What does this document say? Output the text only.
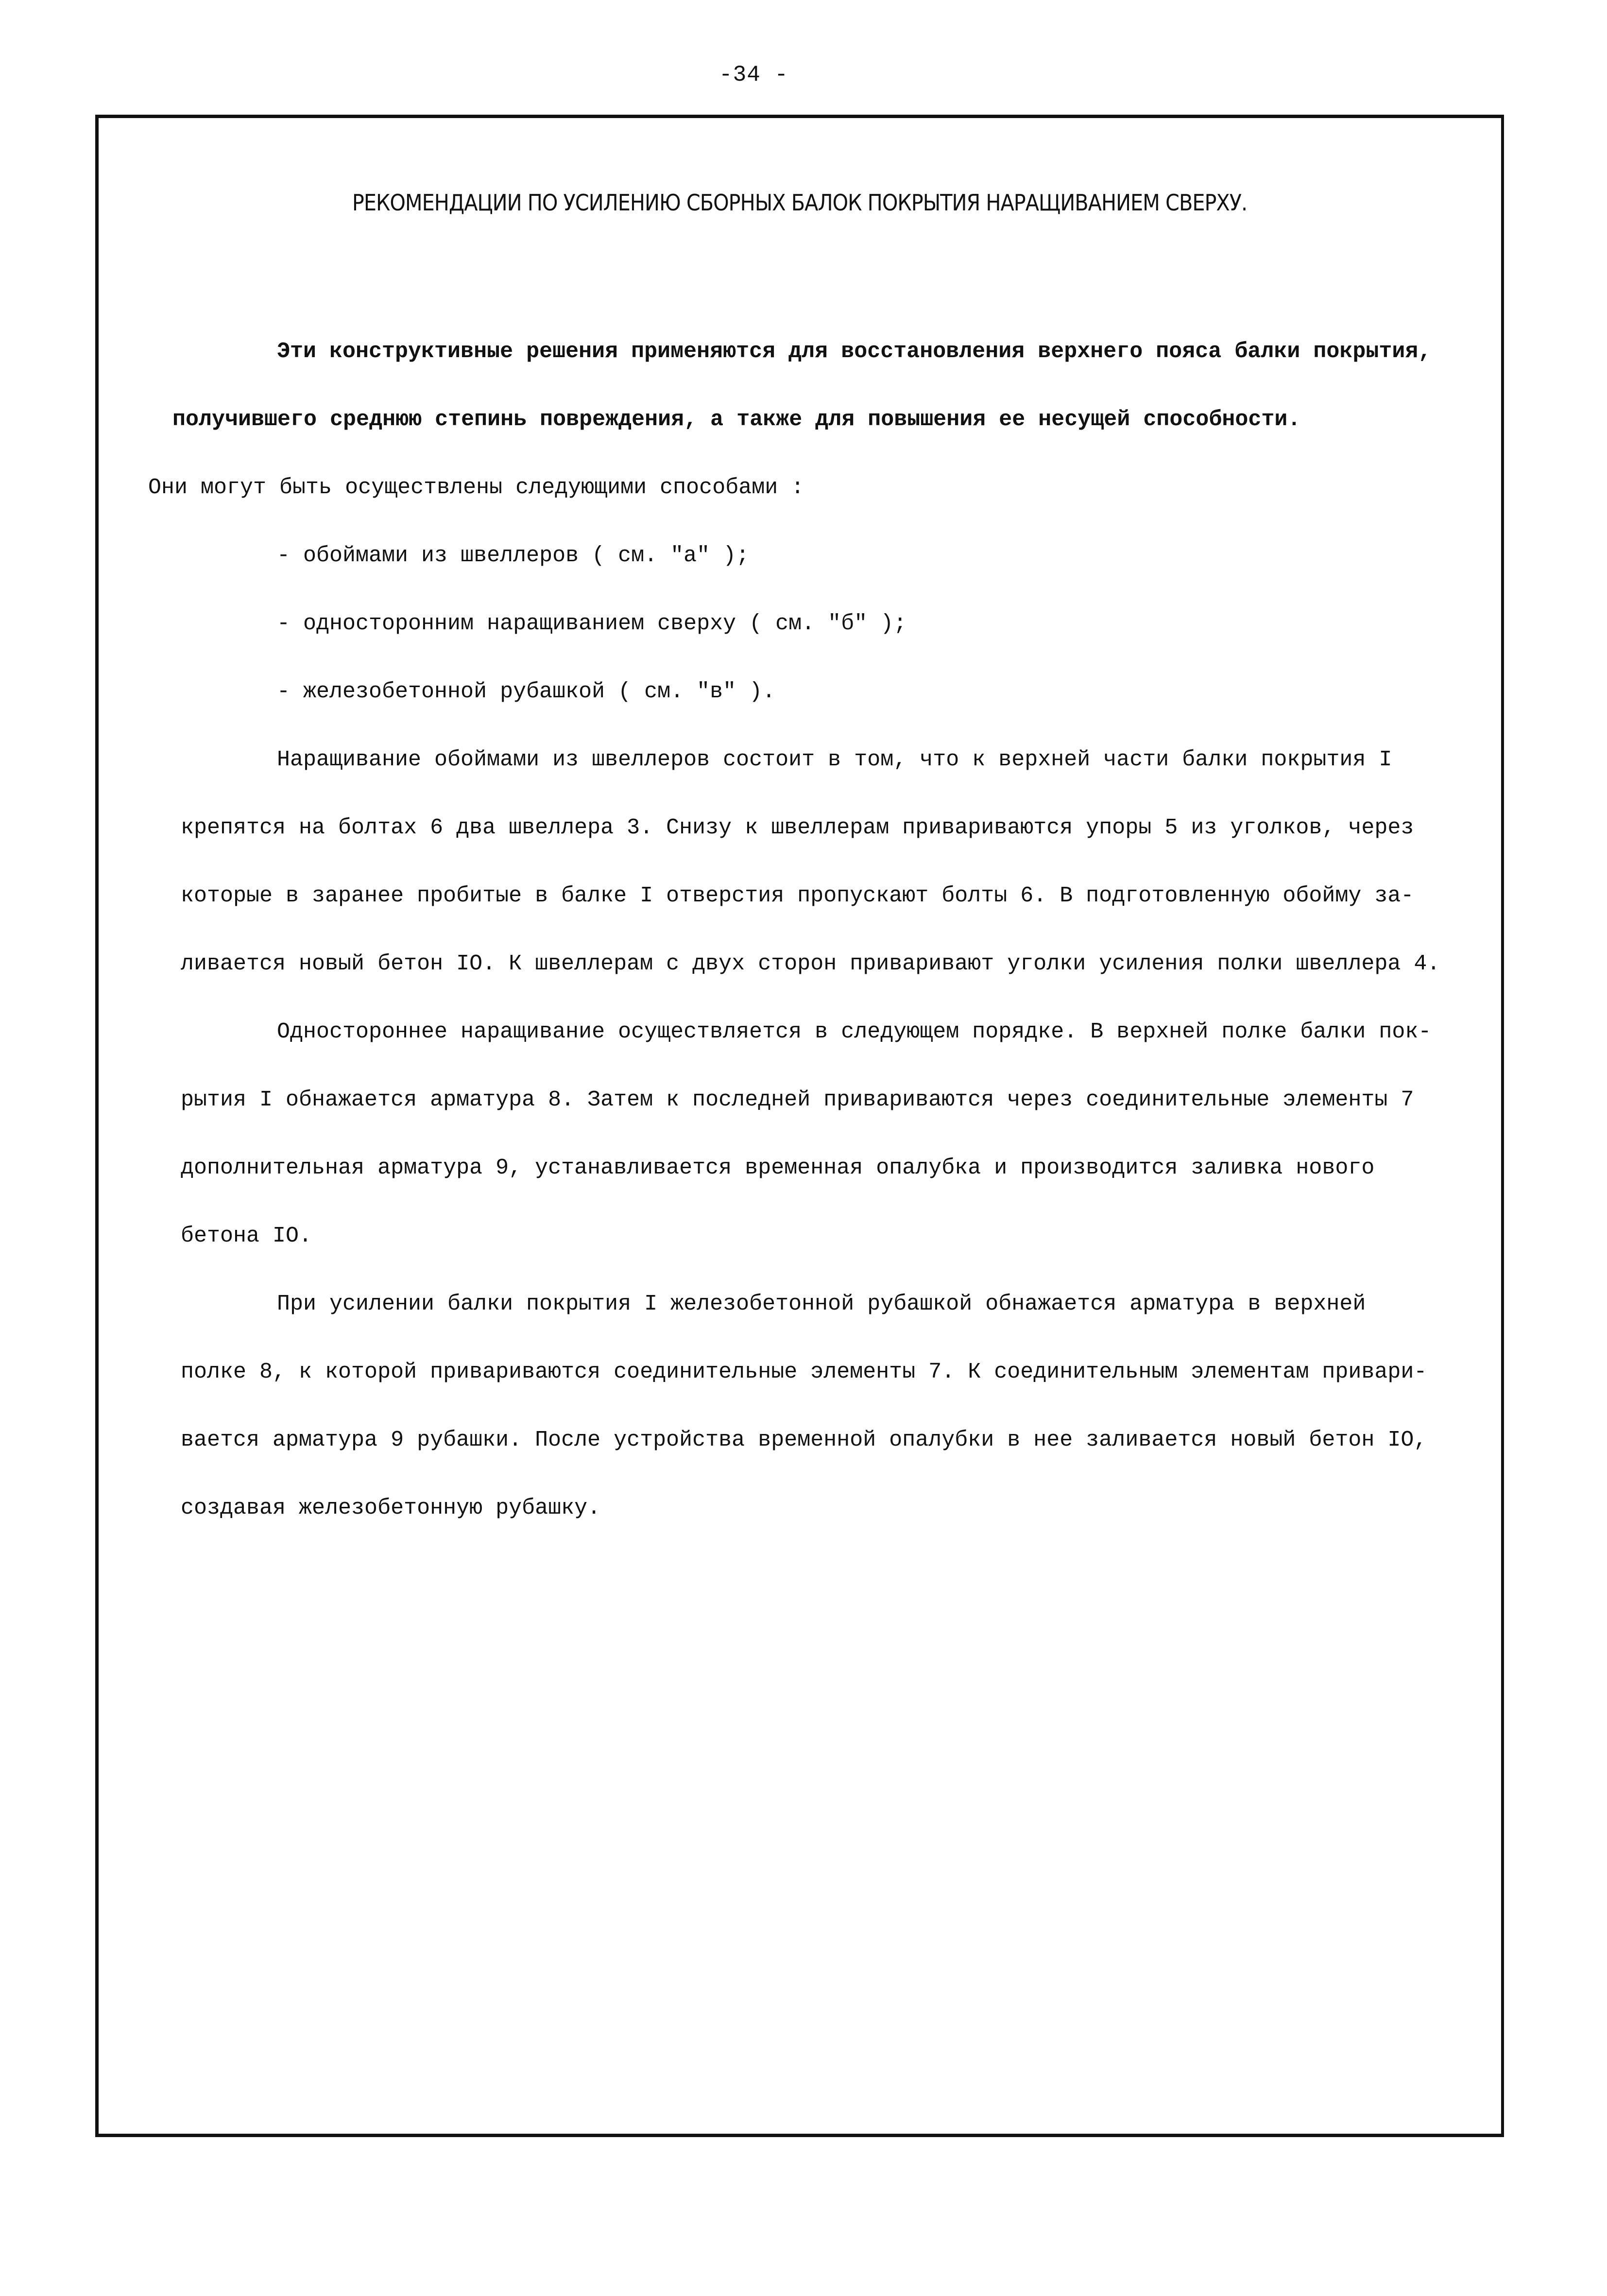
-34 -
РЕКОМЕНДАЦИИ ПО УСИЛЕНИЮ СБОРНЫХ БАЛОК ПОКРЫТИЯ НАРАЩИВАНИЕМ СВЕРХУ.
Эти конструктивные решения применяются для восстановления верхнего пояса балки покрытия,
получившего среднюю степинь повреждения, а также для повышения ее несущей способности.
Они могут быть осуществлены следующими способами :
- обоймами из швеллеров ( см. "а" );
- односторонним наращиванием сверху ( см. "б" );
- железобетонной рубашкой ( см. "в" ).
Наращивание обоймами из швеллеров состоит в том, что к верхней части балки покрытия I
крепятся на болтах 6 два швеллера 3. Снизу к швеллерам привариваются упоры 5 из уголков, через
которые в заранее пробитые в балке I отверстия пропускают болты 6. В подготовленную обойму за-
ливается новый бетон IO. К швеллерам с двух сторон приваривают уголки усиления полки швеллера 4.
Одностороннее наращивание осуществляется в следующем порядке. В верхней полке балки пок-
рытия I обнажается арматура 8. Затем к последней привариваются через соединительные элементы 7
дополнительная арматура 9, устанавливается временная опалубка и производится заливка нового
бетона IO.
При усилении балки покрытия I железобетонной рубашкой обнажается арматура в верхней
полке 8, к которой привариваются соединительные элементы 7. К соединительным элементам привари-
вается арматура 9 рубашки. После устройства временной опалубки в нее заливается новый бетон IO,
создавая железобетонную рубашку.
